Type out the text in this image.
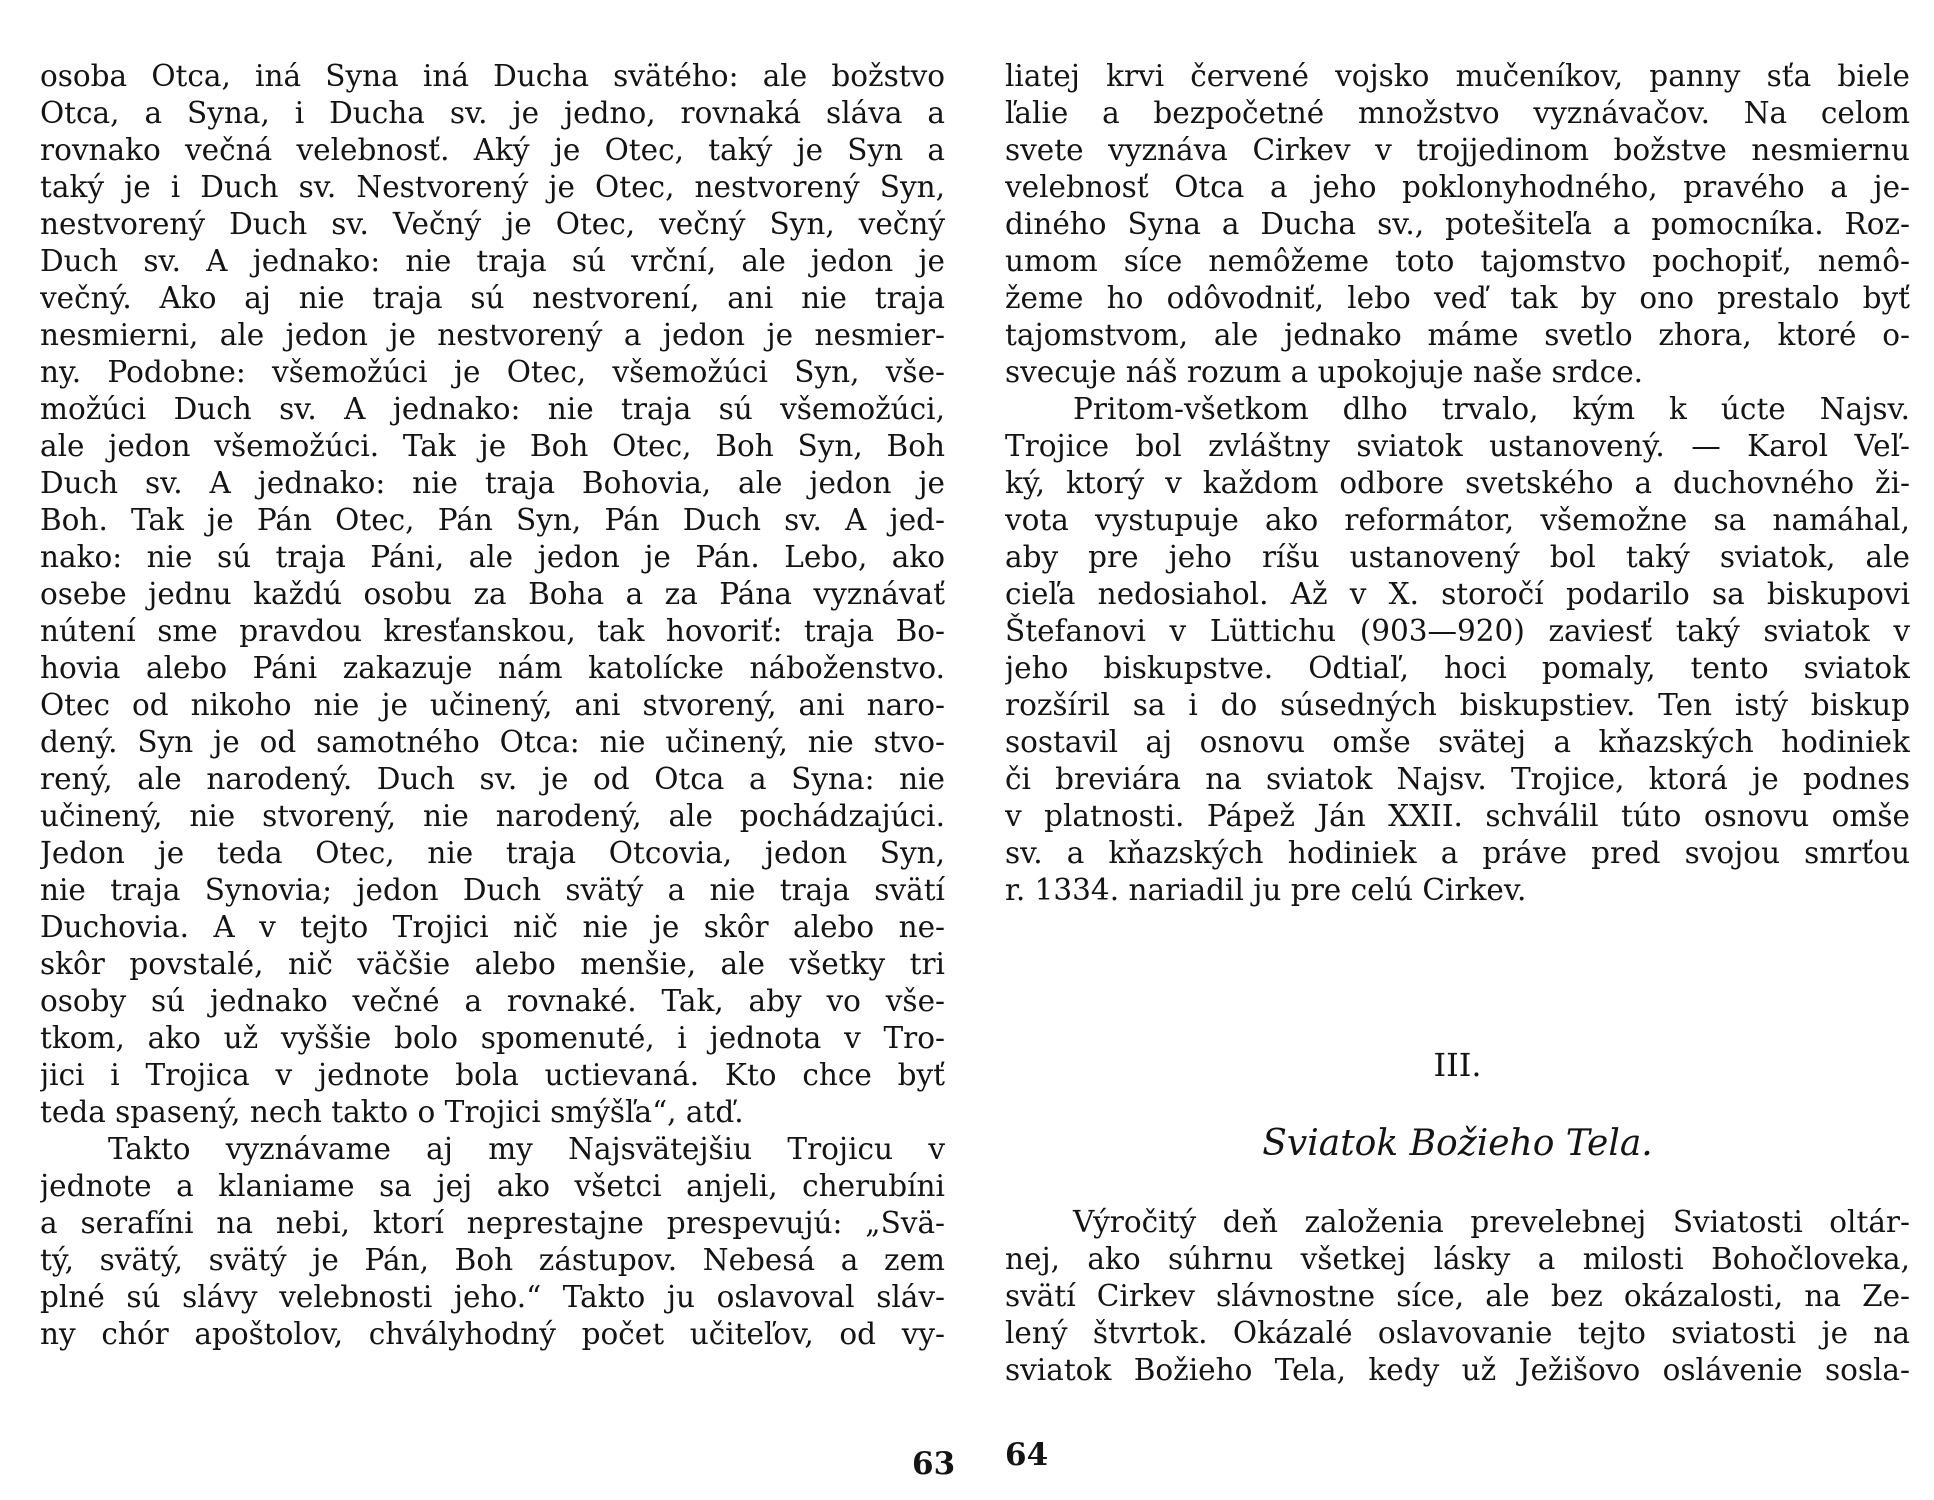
osoba Otca, iná Syna iná Ducha svätého: ale božstvo
Otca, a Syna, i Ducha sv. je jedno, rovnaká sláva a
rovnako večná velebnosť. Aký je Otec, taký je Syn a
taký je i Duch sv. Nestvorený je Otec, nestvorený Syn,
nestvorený Duch sv. Večný je Otec, večný Syn, večný
Duch sv. A jednako: nie traja sú vrční, ale jedon je
večný. Ako aj nie traja sú nestvorení, ani nie traja
nesmierni, ale jedon je nestvorený a jedon je nesmier-
ny. Podobne: všemožúci je Otec, všemožúci Syn, vše-
možúci Duch sv. A jednako: nie traja sú všemožúci,
ale jedon všemožúci. Tak je Boh Otec, Boh Syn, Boh
Duch sv. A jednako: nie traja Bohovia, ale jedon je
Boh. Tak je Pán Otec, Pán Syn, Pán Duch sv. A jed-
nako: nie sú traja Páni, ale jedon je Pán. Lebo, ako
osebe jednu každú osobu za Boha a za Pána vyznávať
nútení sme pravdou kresťanskou, tak hovoriť: traja Bo-
hovia alebo Páni zakazuje nám katolícke náboženstvo.
Otec od nikoho nie je učinený, ani stvorený, ani naro-
dený. Syn je od samotného Otca: nie učinený, nie stvo-
rený, ale narodený. Duch sv. je od Otca a Syna: nie
učinený, nie stvorený, nie narodený, ale pochádzajúci.
Jedon je teda Otec, nie traja Otcovia, jedon Syn,
nie traja Synovia; jedon Duch svätý a nie traja svätí
Duchovia. A v tejto Trojici nič nie je skôr alebo ne-
skôr povstalé, nič väčšie alebo menšie, ale všetky tri
osoby sú jednako večné a rovnaké. Tak, aby vo vše-
tkom, ako už vyššie bolo spomenuté, i jednota v Tro-
jici i Trojica v jednote bola uctievaná. Kto chce byť
teda spasený, nech takto o Trojici smýšľa“, atď.
Takto vyznávame aj my Najsvätejšiu Trojicu v
jednote a klaniame sa jej ako všetci anjeli, cherubíni
a serafíni na nebi, ktorí neprestajne prespevujú: „Svä-
tý, svätý, svätý je Pán, Boh zástupov. Nebesá a zem
plné sú slávy velebnosti jeho.“ Takto ju oslavoval sláv-
ny chór apoštolov, chvályhodný počet učiteľov, od vy-
liatej krvi červené vojsko mučeníkov, panny sťa biele
ľalie a bezpočetné množstvo vyznávačov. Na celom
svete vyznáva Cirkev v trojjedinom božstve nesmiernu
velebnosť Otca a jeho poklonyhodného, pravého a je-
diného Syna a Ducha sv., potešiteľa a pomocníka. Roz-
umom síce nemôžeme toto tajomstvo pochopiť, nemô-
žeme ho odôvodniť, lebo veď tak by ono prestalo byť
tajomstvom, ale jednako máme svetlo zhora, ktoré o-
svecuje náš rozum a upokojuje naše srdce.
Pritom-všetkom dlho trvalo, kým k úcte Najsv.
Trojice bol zvláštny sviatok ustanovený. — Karol Veľ-
ký, ktorý v každom odbore svetského a duchovného ži-
vota vystupuje ako reformátor, všemožne sa namáhal,
aby pre jeho ríšu ustanovený bol taký sviatok, ale
cieľa nedosiahol. Až v X. storočí podarilo sa biskupovi
Štefanovi v Lüttichu (903—920) zaviesť taký sviatok v
jeho biskupstve. Odtiaľ, hoci pomaly, tento sviatok
rozšíril sa i do súsedných biskupstiev. Ten istý biskup
sostavil aj osnovu omše svätej a kňazských hodiniek
či breviára na sviatok Najsv. Trojice, ktorá je podnes
v platnosti. Pápež Ján XXII. schválil túto osnovu omše
sv. a kňazských hodiniek a práve pred svojou smrťou
r. 1334. nariadil ju pre celú Cirkev.
III.
Sviatok Božieho Tela.
Výročitý deň založenia prevelebnej Sviatosti oltár-
nej, ako súhrnu všetkej lásky a milosti Bohočloveka,
svätí Cirkev slávnostne síce, ale bez okázalosti, na Ze-
lený štvrtok. Okázalé oslavovanie tejto sviatosti je na
sviatok Božieho Tela, kedy už Ježišovo oslávenie sosla-
63 64
